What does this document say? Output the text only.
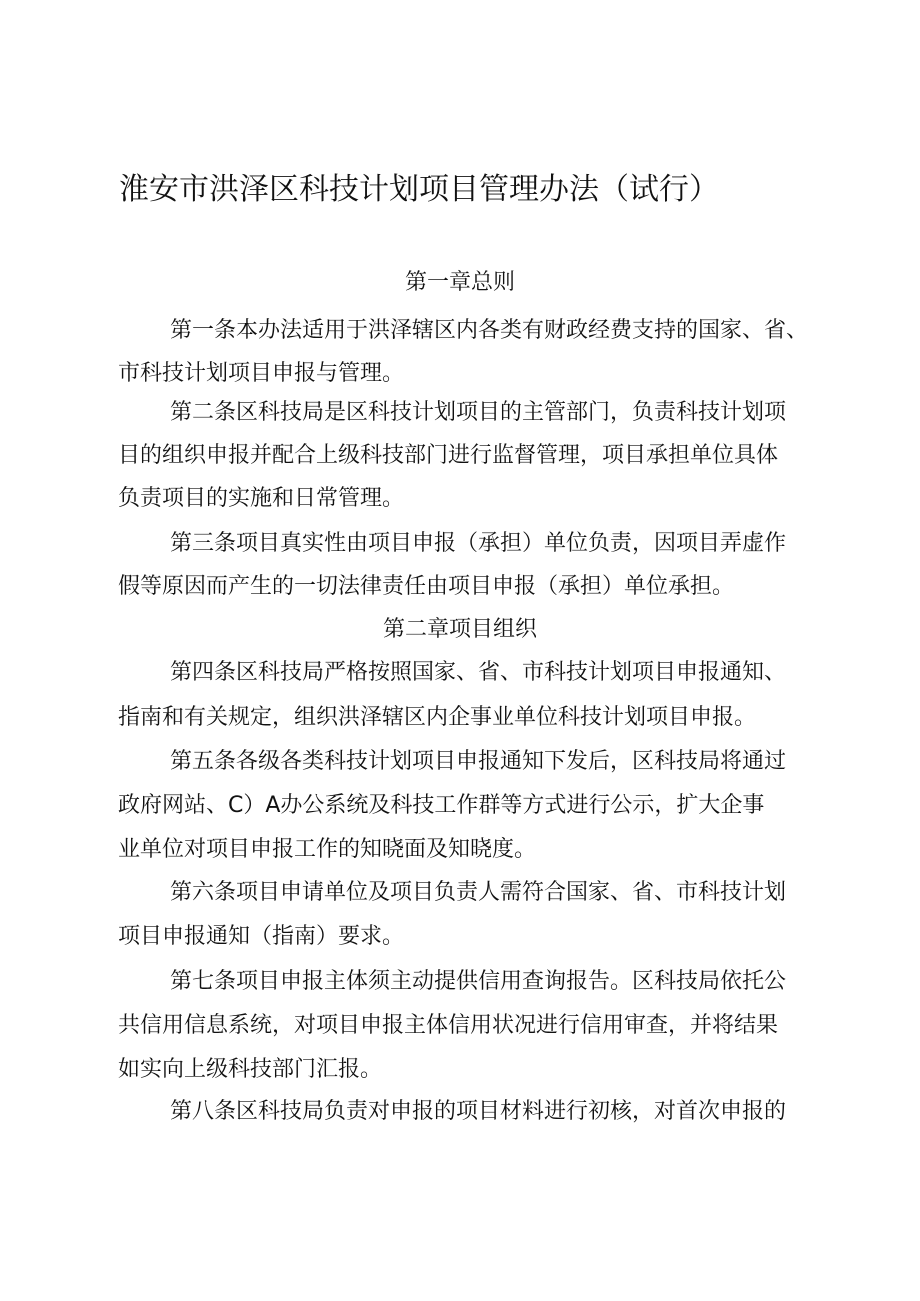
淮安市洪泽区科技计划项目管理办法（试行）
第一章总则

第一条本办法适用于洪泽辖区内各类有财政经费支持的国家、省、

市科技计划项目申报与管理。

第二条区科技局是区科技计划项目的主管部门，负责科技计划项

目的组织申报并配合上级科技部门进行监督管理，项目承担单位具体

负责项目的实施和日常管理。

第三条项目真实性由项目申报（承担）单位负责，因项目弄虚作

假等原因而产生的一切法律责任由项目申报（承担）单位承担。

第二章项目组织

第四条区科技局严格按照国家、省、市科技计划项目申报通知、

指南和有关规定，组织洪泽辖区内企事业单位科技计划项目申报。

第五条各级各类科技计划项目申报通知下发后，区科技局将通过

政府网站、C）A办公系统及科技工作群等方式进行公示，扩大企事

业单位对项目申报工作的知晓面及知晓度。

第六条项目申请单位及项目负责人需符合国家、省、市科技计划

项目申报通知（指南）要求。

第七条项目申报主体须主动提供信用查询报告。区科技局依托公

共信用信息系统，对项目申报主体信用状况进行信用审查，并将结果

如实向上级科技部门汇报。

第八条区科技局负责对申报的项目材料进行初核，对首次申报的
